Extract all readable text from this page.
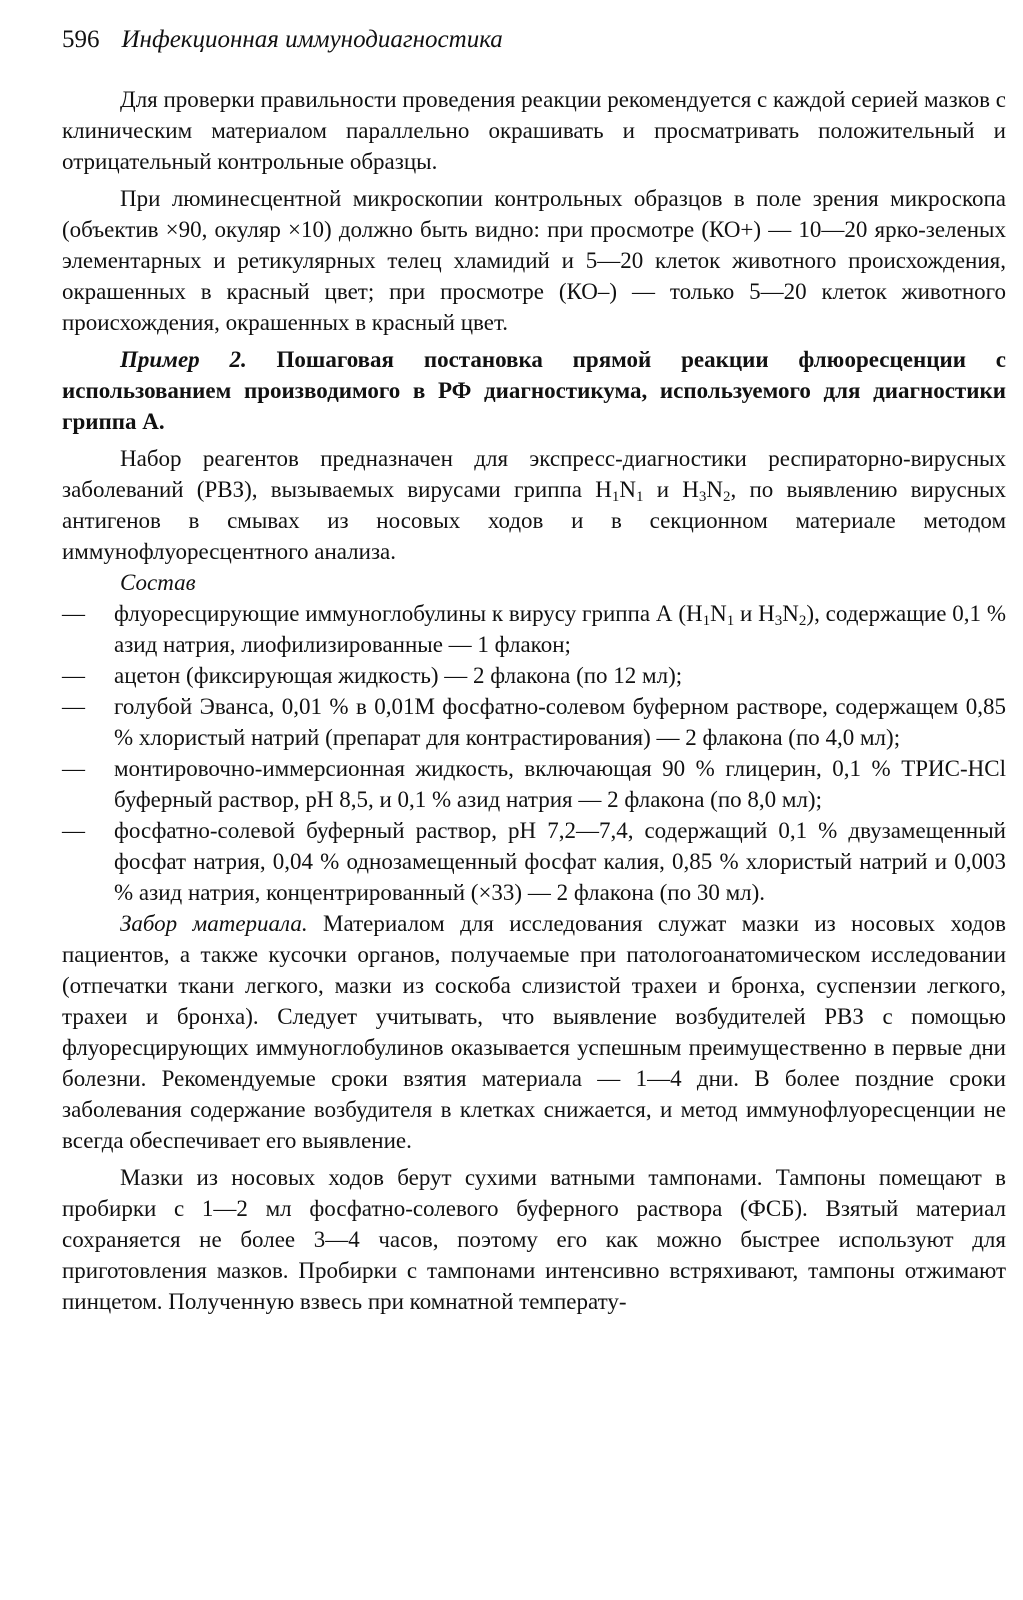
596 Инфекционная иммунодиагностика

Для проверки правильности проведения реакции рекомендуется с каждой серией мазков с клиническим материалом параллельно окрашивать и просматривать положительный и отрицательный контрольные образцы.

При люминесцентной микроскопии контрольных образцов в поле зрения микроскопа (объектив ×90, окуляр ×10) должно быть видно: при просмотре (КО+) — 10—20 ярко-зеленых элементарных и ретикулярных телец хламидий и 5—20 клеток животного происхождения, окрашенных в красный цвет; при просмотре (КО–) — только 5—20 клеток животного происхождения, окрашенных в красный цвет.

Пример 2. Пошаговая постановка прямой реакции флюоресценции с использованием производимого в РФ диагностикума, используемого для диагностики гриппа А.

Набор реагентов предназначен для экспресс-диагностики респираторно-вирусных заболеваний (РВЗ), вызываемых вирусами гриппа $H_1N_1$ и $H_3N_2$, по выявлению вирусных антигенов в смывах из носовых ходов и в секционном материале методом иммунофлуоресцентного анализа.

Состав

— флуоресцирующие иммуноглобулины к вирусу гриппа А ($H_1N_1$ и $H_3N_2$), содержащие 0,1 % азид натрия, лиофилизированные — 1 флакон;
— ацетон (фиксирующая жидкость) — 2 флакона (по 12 мл);
— голубой Эванса, 0,01 % в 0,01М фосфатно-солевом буферном растворе, содержащем 0,85 % хлористый натрий (препарат для контрастирования) — 2 флакона (по 4,0 мл);
— монтировочно-иммерсионная жидкость, включающая 90 % глицерин, 0,1 % ТРИС-HCl буферный раствор, pH 8,5, и 0,1 % азид натрия — 2 флакона (по 8,0 мл);
— фосфатно-солевой буферный раствор, pH 7,2—7,4, содержащий 0,1 % двузамещенный фосфат натрия, 0,04 % однозамещенный фосфат калия, 0,85 % хлористый натрий и 0,003 % азид натрия, концентрированный (×33) — 2 флакона (по 30 мл).

Забор материала. Материалом для исследования служат мазки из носовых ходов пациентов, а также кусочки органов, получаемые при патологоанатомическом исследовании (отпечатки ткани легкого, мазки из соскоба слизистой трахеи и бронха, суспензии легкого, трахеи и бронха). Следует учитывать, что выявление возбудителей РВЗ с помощью флуоресцирующих иммуноглобулинов оказывается успешным преимущественно в первые дни болезни. Рекомендуемые сроки взятия материала — 1—4 дни. В более поздние сроки заболевания содержание возбудителя в клетках снижается, и метод иммунофлуоресценции не всегда обеспечивает его выявление.

Мазки из носовых ходов берут сухими ватными тампонами. Тампоны помещают в пробирки с 1—2 мл фосфатно-солевого буферного раствора (ФСБ). Взятый материал сохраняется не более 3—4 часов, поэтому его как можно быстрее используют для приготовления мазков. Пробирки с тампонами интенсивно встряхивают, тампоны отжимают пинцетом. Полученную взвесь при комнатной температу-
